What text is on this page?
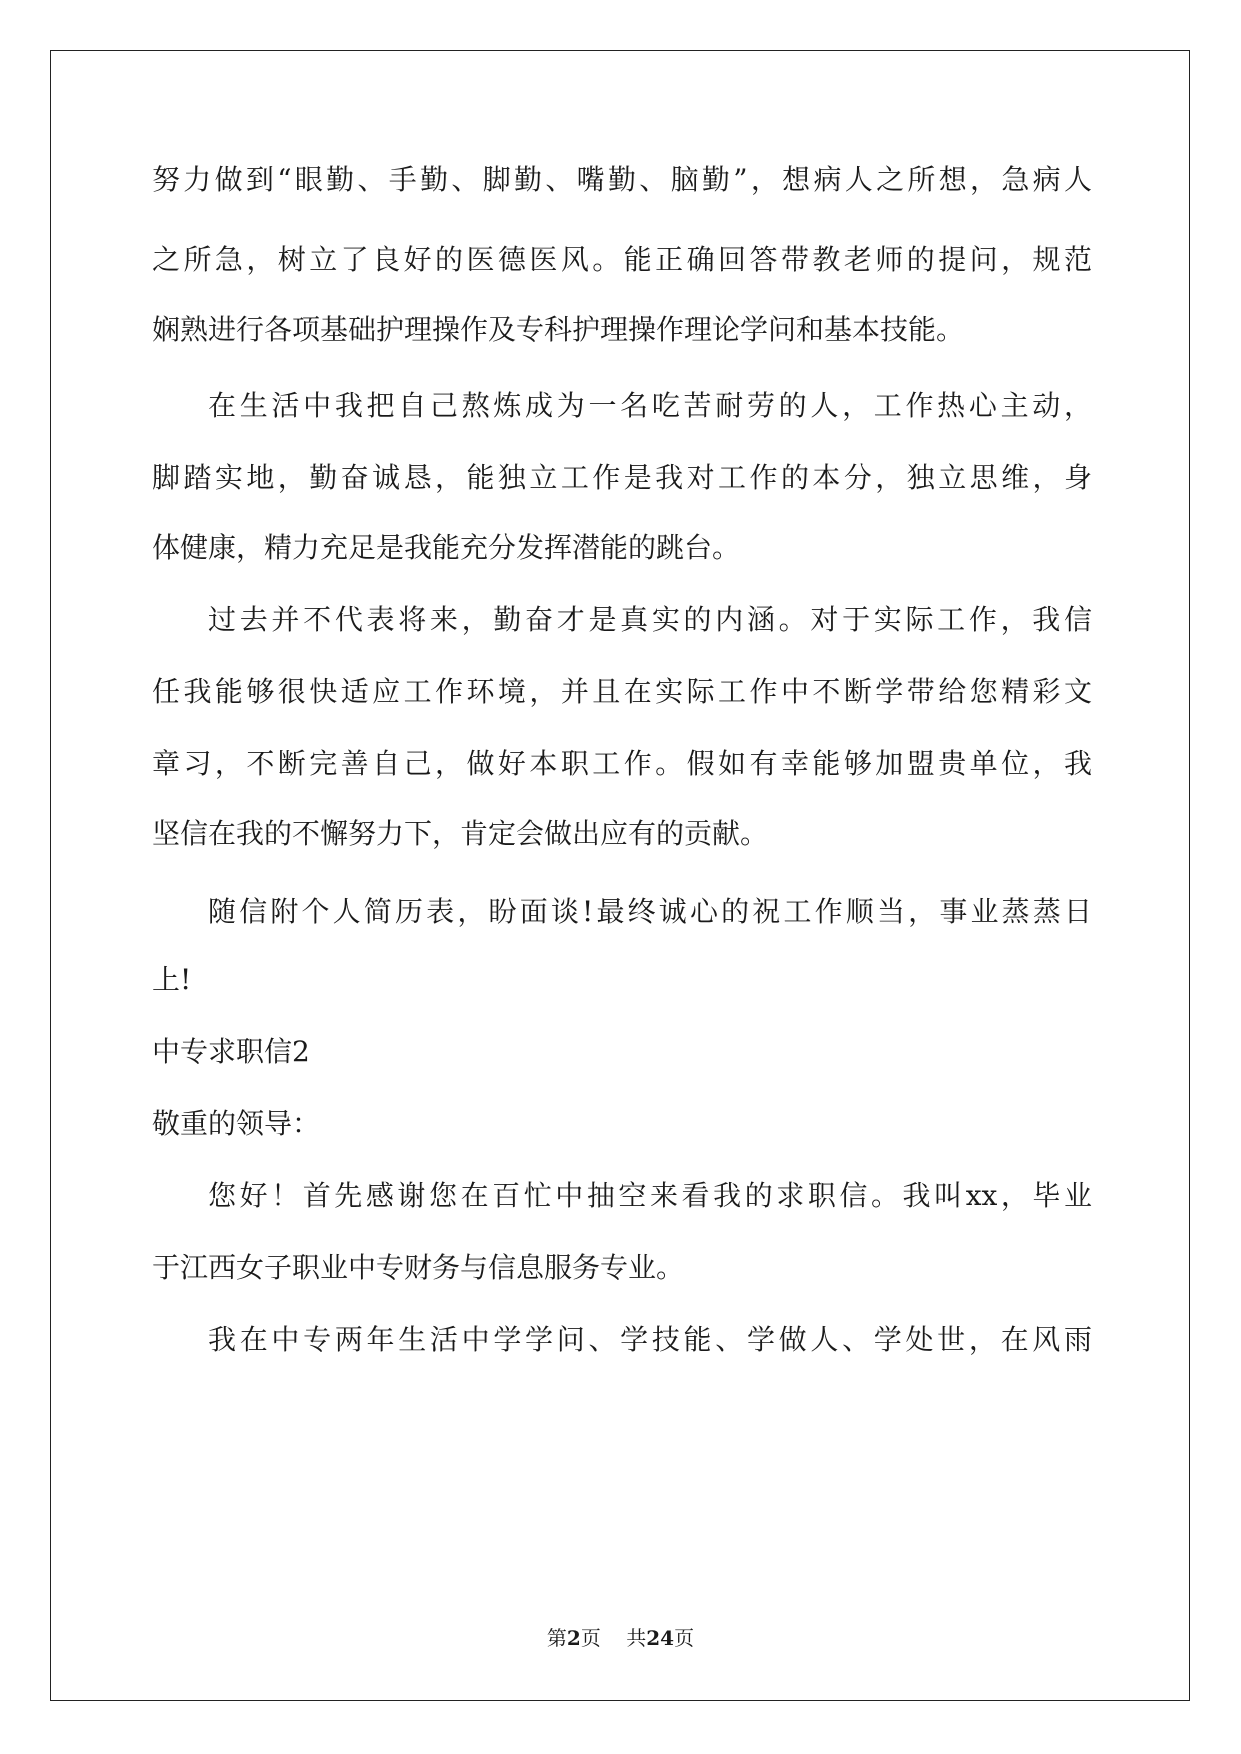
努力做到“眼勤、手勤、脚勤、嘴勤、脑勤”，想病人之所想，急病人
之所急，树立了良好的医德医风。能正确回答带教老师的提问，规范
娴熟进行各项基础护理操作及专科护理操作理论学问和基本技能。
在生活中我把自己熬炼成为一名吃苦耐劳的人，工作热心主动，
脚踏实地，勤奋诚恳，能独立工作是我对工作的本分，独立思维，身
体健康，精力充足是我能充分发挥潜能的跳台。
过去并不代表将来，勤奋才是真实的内涵。对于实际工作，我信
任我能够很快适应工作环境，并且在实际工作中不断学带给您精彩文
章习，不断完善自己，做好本职工作。假如有幸能够加盟贵单位，我
坚信在我的不懈努力下，肯定会做出应有的贡献。
随信附个人简历表，盼面谈!最终诚心的祝工作顺当，事业蒸蒸日
上!
中专求职信2
敬重的领导：
您好！首先感谢您在百忙中抽空来看我的求职信。我叫xx，毕业
于江西女子职业中专财务与信息服务专业。
我在中专两年生活中学学问、学技能、学做人、学处世，在风雨
第2页    共24页
